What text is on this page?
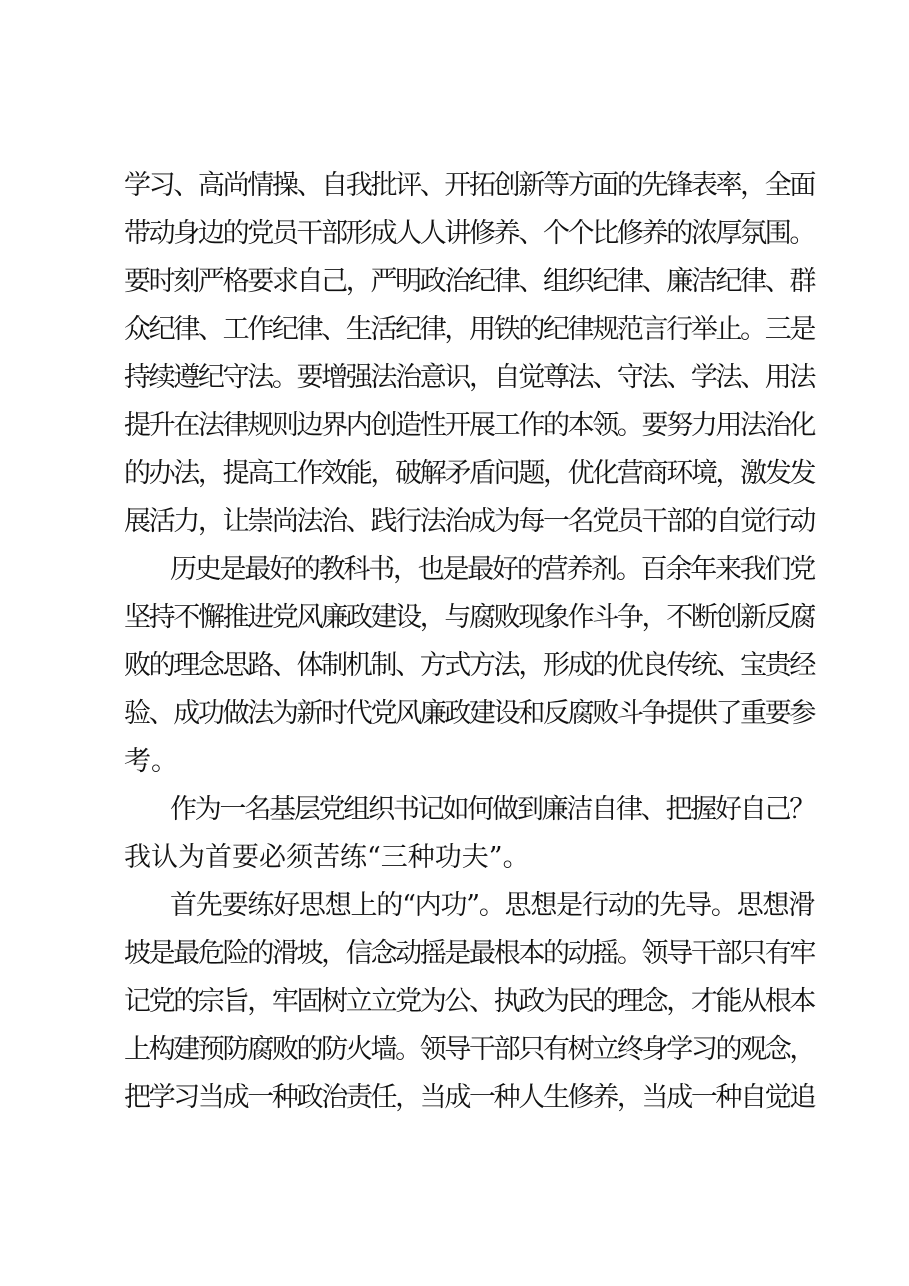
学习、高尚情操、自我批评、开拓创新等方面的先锋表率，全面
带动身边的党员干部形成人人讲修养、个个比修养的浓厚氛围。
要时刻严格要求自己，严明政治纪律、组织纪律、廉洁纪律、群
众纪律、工作纪律、生活纪律，用铁的纪律规范言行举止。三是
持续遵纪守法。要增强法治意识，自觉尊法、守法、学法、用法
提升在法律规则边界内创造性开展工作的本领。要努力用法治化
的办法，提高工作效能，破解矛盾问题，优化营商环境，激发发
展活力，让崇尚法治、践行法治成为每一名党员干部的自觉行动
历史是最好的教科书，也是最好的营养剂。百余年来我们党
坚持不懈推进党风廉政建设，与腐败现象作斗争，不断创新反腐
败的理念思路、体制机制、方式方法，形成的优良传统、宝贵经
验、成功做法为新时代党风廉政建设和反腐败斗争提供了重要参
考。
作为一名基层党组织书记如何做到廉洁自律、把握好自己？
我认为首要必须苦练“三种功夫”。
首先要练好思想上的“内功”。思想是行动的先导。思想滑
坡是最危险的滑坡，信念动摇是最根本的动摇。领导干部只有牢
记党的宗旨，牢固树立立党为公、执政为民的理念，才能从根本
上构建预防腐败的防火墙。领导干部只有树立终身学习的观念，
把学习当成一种政治责任，当成一种人生修养，当成一种自觉追
